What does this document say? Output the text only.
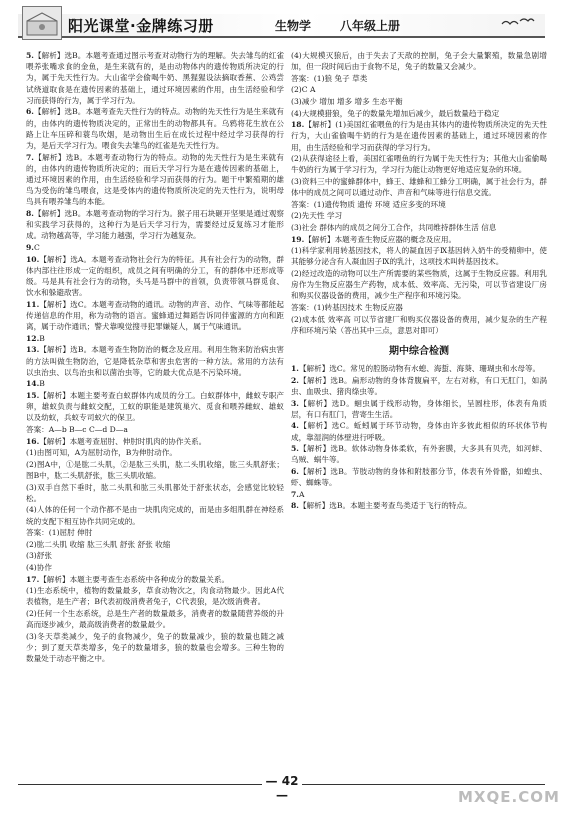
阳光课堂·金牌练习册	生物学 八年级上册

5.【解析】选B。本题考查通过图示考查对动物行为的理解。失去雏鸟的红雀喂养张嘴求食的金鱼，是生来就有的，是由动物体内的遗传物质所决定的行为，属于先天性行为。大山雀学会偷喝牛奶、黑猩猩设法摘取香蕉、公鸡尝试绕道取食是在遗传因素的基础上，通过环境因素的作用，由生活经验和学习而获得的行为，属于学习行为。

6.【解析】选B。本题考查先天性行为的特点。动物的先天性行为是生来就有的，由体内的遗传物质决定的，正常出生的动物都具有。乌鸦将花生放在公路上让车压碎和蓑鸟吹烟，是动物出生后在成长过程中经过学习获得的行为，是后天学习行为。喂食失去雏鸟的红雀是先天性行为。

7.【解析】选B。本题考查动物行为的特点。动物的先天性行为是生来就有的，由体内的遗传物质所决定的；而后天学习行为是在遗传因素的基础上，通过环境因素的作用，由生活经验和学习而获得的行为。题干中繁殖期的雄鸟为受伤的雏鸟喂食，这是受体内的遗传物质所决定的先天性行为，说明母鸟具有喂养雏鸟的本能。

8.【解析】选B。本题考查动物的学习行为。猴子用石块砸开坚果是通过观察和实践学习获得的，这种行为是后天学习行为，需要经过反复练习才能形成。动物越高等，学习能力越强，学习行为越复杂。

9.C

10.【解析】选A。本题考查动物社会行为的特征。具有社会行为的动物，群体内部往往形成一定的组织，成员之间有明确的分工，有的群体中还形成等级。马是具有社会行为的动物，头马是马群中的首领，负责带领马群觅食、饮水和躲避敌害。

11.【解析】选C。本题考查动物的通讯。动物的声音、动作、气味等都能起传递信息的作用，称为动物的语言。蜜蜂通过舞蹈告诉同伴蜜源的方向和距离，属于动作通讯；警犬靠嗅觉搜寻犯罪嫌疑人，属于气味通讯。

12.B

13.【解析】选B。本题考查生物防治的概念及应用。利用生物来防治病虫害的方法叫做生物防治，它是降低杂草和害虫危害的一种方法。常用的方法有以虫治虫、以鸟治虫和以菌治虫等，它的最大优点是不污染环境。

14.B

15.【解析】本题主要考查白蚁群体内成员的分工。白蚁群体中，雌蚁专职产卵，雄蚁负责与雌蚁交配，工蚁的职能是建筑巢穴、觅食和喂养雌蚁、雄蚁以及幼蚁，兵蚁专司蚁穴的保卫。

答案：A—b B—c C—d D—a

16.【解析】本题考查屈肘、伸肘时肌肉的协作关系。

(1)由图可知，A为屈肘动作，B为伸肘动作。

(2)图A中，①是肱二头肌，②是肱三头肌，肱二头肌收缩，肱三头肌舒张；图B中，肱二头肌舒张，肱三头肌收缩。

(3)双手自然下垂时，肱二头肌和肱三头肌都处于舒张状态，会感觉比较轻松。

(4)人体的任何一个动作都不是由一块肌肉完成的，而是由多组肌群在神经系统的支配下相互协作共同完成的。

答案：(1)屈肘 伸肘

(2)肱二头肌 收缩 肱三头肌 舒张 舒张 收缩

(3)舒张

(4)协作

17.【解析】本题主要考查生态系统中各种成分的数量关系。

(1)生态系统中，植物的数量最多，草食动物次之，肉食动物最少。因此A代表植物，是生产者；B代表初级消费者兔子，C代表狼，是次级消费者。

(2)任何一个生态系统，总是生产者的数量最多，消费者的数量随营养级的升高而逐步减少，最高级消费者的数量最少。

(3)冬天草类减少，兔子的食物减少，兔子的数量减少，狼的数量也随之减少；到了夏天草类增多，兔子的数量增多，狼的数量也会增多。三种生物的数量处于动态平衡之中。

(4)大规模灭狼后，由于失去了天敌的控制，兔子会大量繁殖，数量急剧增加，但一段时间后由于食物不足，兔子的数量又会减少。

答案：(1)狼 兔子 草类

(2)C A

(3)减少 增加 增多 增多 生态平衡

(4)大规模猎狼，兔子的数量先增加后减少，最后数量趋于稳定

18.【解析】(1)美国红雀喂鱼的行为是由其体内的遗传物质所决定的先天性行为，大山雀偷喝牛奶的行为是在遗传因素的基础上，通过环境因素的作用，由生活经验和学习而获得的学习行为。

(2)从获得途径上看，美国红雀喂鱼的行为属于先天性行为；其他大山雀偷喝牛奶的行为属于学习行为，学习行为能让动物更好地适应复杂的环境。

(3)资料三中的蜜蜂群体中，蜂王、雄蜂和工蜂分工明确，属于社会行为，群体中的成员之间可以通过动作、声音和气味等进行信息交流。

答案：(1)遗传物质 遗传 环境 适应多变的环境

(2)先天性 学习

(3)社会 群体内的成员之间分工合作，共同维持群体生活 信息

19.【解析】本题考查生物反应器的概念及应用。

(1)科学家利用转基因技术，将人的凝血因子Ⅸ基因转入奶牛的受精卵中，使其能够分泌含有人凝血因子Ⅸ的乳汁，这项技术叫转基因技术。

(2)经过改造的动物可以生产所需要的某些物质，这属于生物反应器。利用乳房作为生物反应器生产药物，成本低、效率高、无污染，可以节省建设厂房和购买仪器设备的费用，减少生产程序和环境污染。

答案：(1)转基因技术 生物反应器

(2)成本低 效率高 可以节省建厂和购买仪器设备的费用，减少复杂的生产程序和环境污染（答出其中三点，意思对即可）

期中综合检测

1.【解析】选C。常见的腔肠动物有水螅、海蜇、海葵、珊瑚虫和水母等。

2.【解析】选B。扁形动物的身体背腹扁平，左右对称，有口无肛门，如涡虫、血吸虫、猪肉绦虫等。

3.【解析】选D。蛔虫属于线形动物，身体细长，呈圆柱形，体表有角质层，有口有肛门，营寄生生活。

4.【解析】选C。蚯蚓属于环节动物，身体由许多彼此相似的环状体节构成，靠湿润的体壁进行呼吸。

5.【解析】选B。软体动物身体柔软，有外套膜，大多具有贝壳，如河蚌、乌贼、蜗牛等。

6.【解析】选B。节肢动物的身体和附肢都分节，体表有外骨骼，如蝗虫、虾、蜘蛛等。

7.A

8.【解析】选B。本题主要考查鸟类适于飞行的特点。

— 42 —	MXQE.COM
